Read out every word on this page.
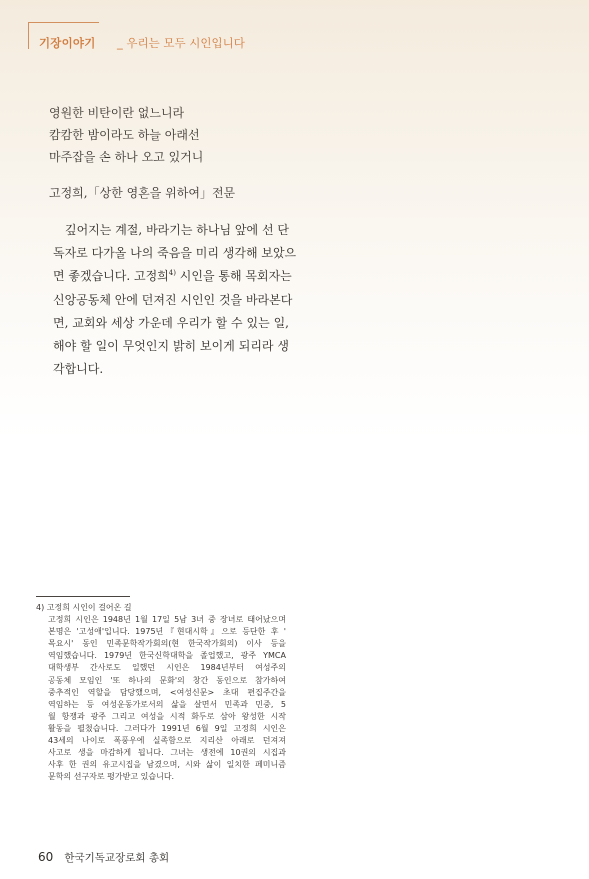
기장이야기 _ 우리는 모두 시인입니다
영원한 비탄이란 없느니라
캄캄한 밤이라도 하늘 아래선
마주잡을 손 하나 오고 있거니
고정희,「상한 영혼을 위하여」전문
깊어지는 계절, 바라기는 하나님 앞에 선 단
독자로 다가올 나의 죽음을 미리 생각해 보았으
면 좋겠습니다. 고정희$^{4)}$ 시인을 통해 목회자는
신앙공동체 안에 던져진 시인인 것을 바라본다
면, 교회와 세상 가운데 우리가 할 수 있는 일,
해야 할 일이 무엇인지 밝히 보이게 되리라 생
각합니다.
4) 고정희 시인이 걸어온 길
고정희 시인은 1948년 1월 17일 5남 3녀 중 장녀로 태어났으며
본명은 '고성애'입니다. 1975년『현대시학』으로 등단한 후 '
목요시' 동인 민족문학작가회의(현 한국작가회의) 이사 등을
역임했습니다. 1979년 한국신학대학을 졸업했고, 광주 YMCA
대학생부 간사로도 일했던 시인은 1984년부터 여성주의
공동체 모임인 '또 하나의 문화'의 창간 동인으로 참가하여
중추적인 역할을 담당했으며, <여성신문> 초대 편집주간을
역임하는 등 여성운동가로서의 삶을 살면서 민족과 민중, 5
월 항쟁과 광주 그리고 여성을 시적 화두로 삼아 왕성한 시작
활동을 펼쳤습니다. 그러다가 1991년 6월 9일 고정희 시인은
43세의 나이로 폭풍우에 실족함으로 지리산 아래로 던져져
사고로 생을 마감하게 됩니다. 그녀는 생전에 10권의 시집과
사후 한 권의 유고시집을 남겼으며, 시와 삶이 일치한 페미니즘
문학의 선구자로 평가받고 있습니다.
60 한국기독교장로회 총회
